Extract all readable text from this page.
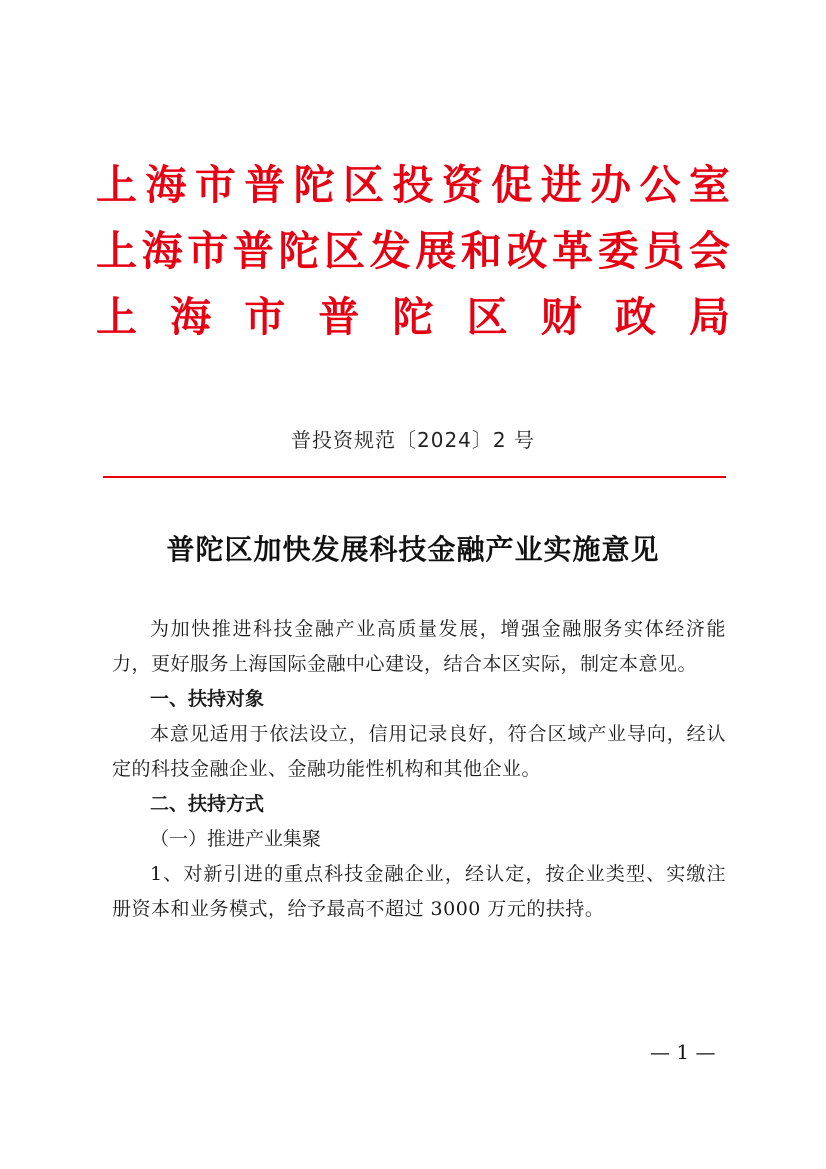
上 海 市 普 陀 区 投 资 促 进 办 公 室
上 海 市 普 陀 区 发 展 和 改 革 委 员 会
上 海 市 普 陀 区 财 政 局
普投资规范〔2024〕2 号
普陀区加快发展科技金融产业实施意见

为加快推进科技金融产业高质量发展，增强金融服务实体经济能力，更好服务上海国际金融中心建设，结合本区实际，制定本意见。

一、扶持对象

本意见适用于依法设立，信用记录良好，符合区域产业导向，经认定的科技金融企业、金融功能性机构和其他企业。

二、扶持方式

（一）推进产业集聚

1、对新引进的重点科技金融企业，经认定，按企业类型、实缴注册资本和业务模式，给予最高不超过 3000 万元的扶持。

— 1 —
